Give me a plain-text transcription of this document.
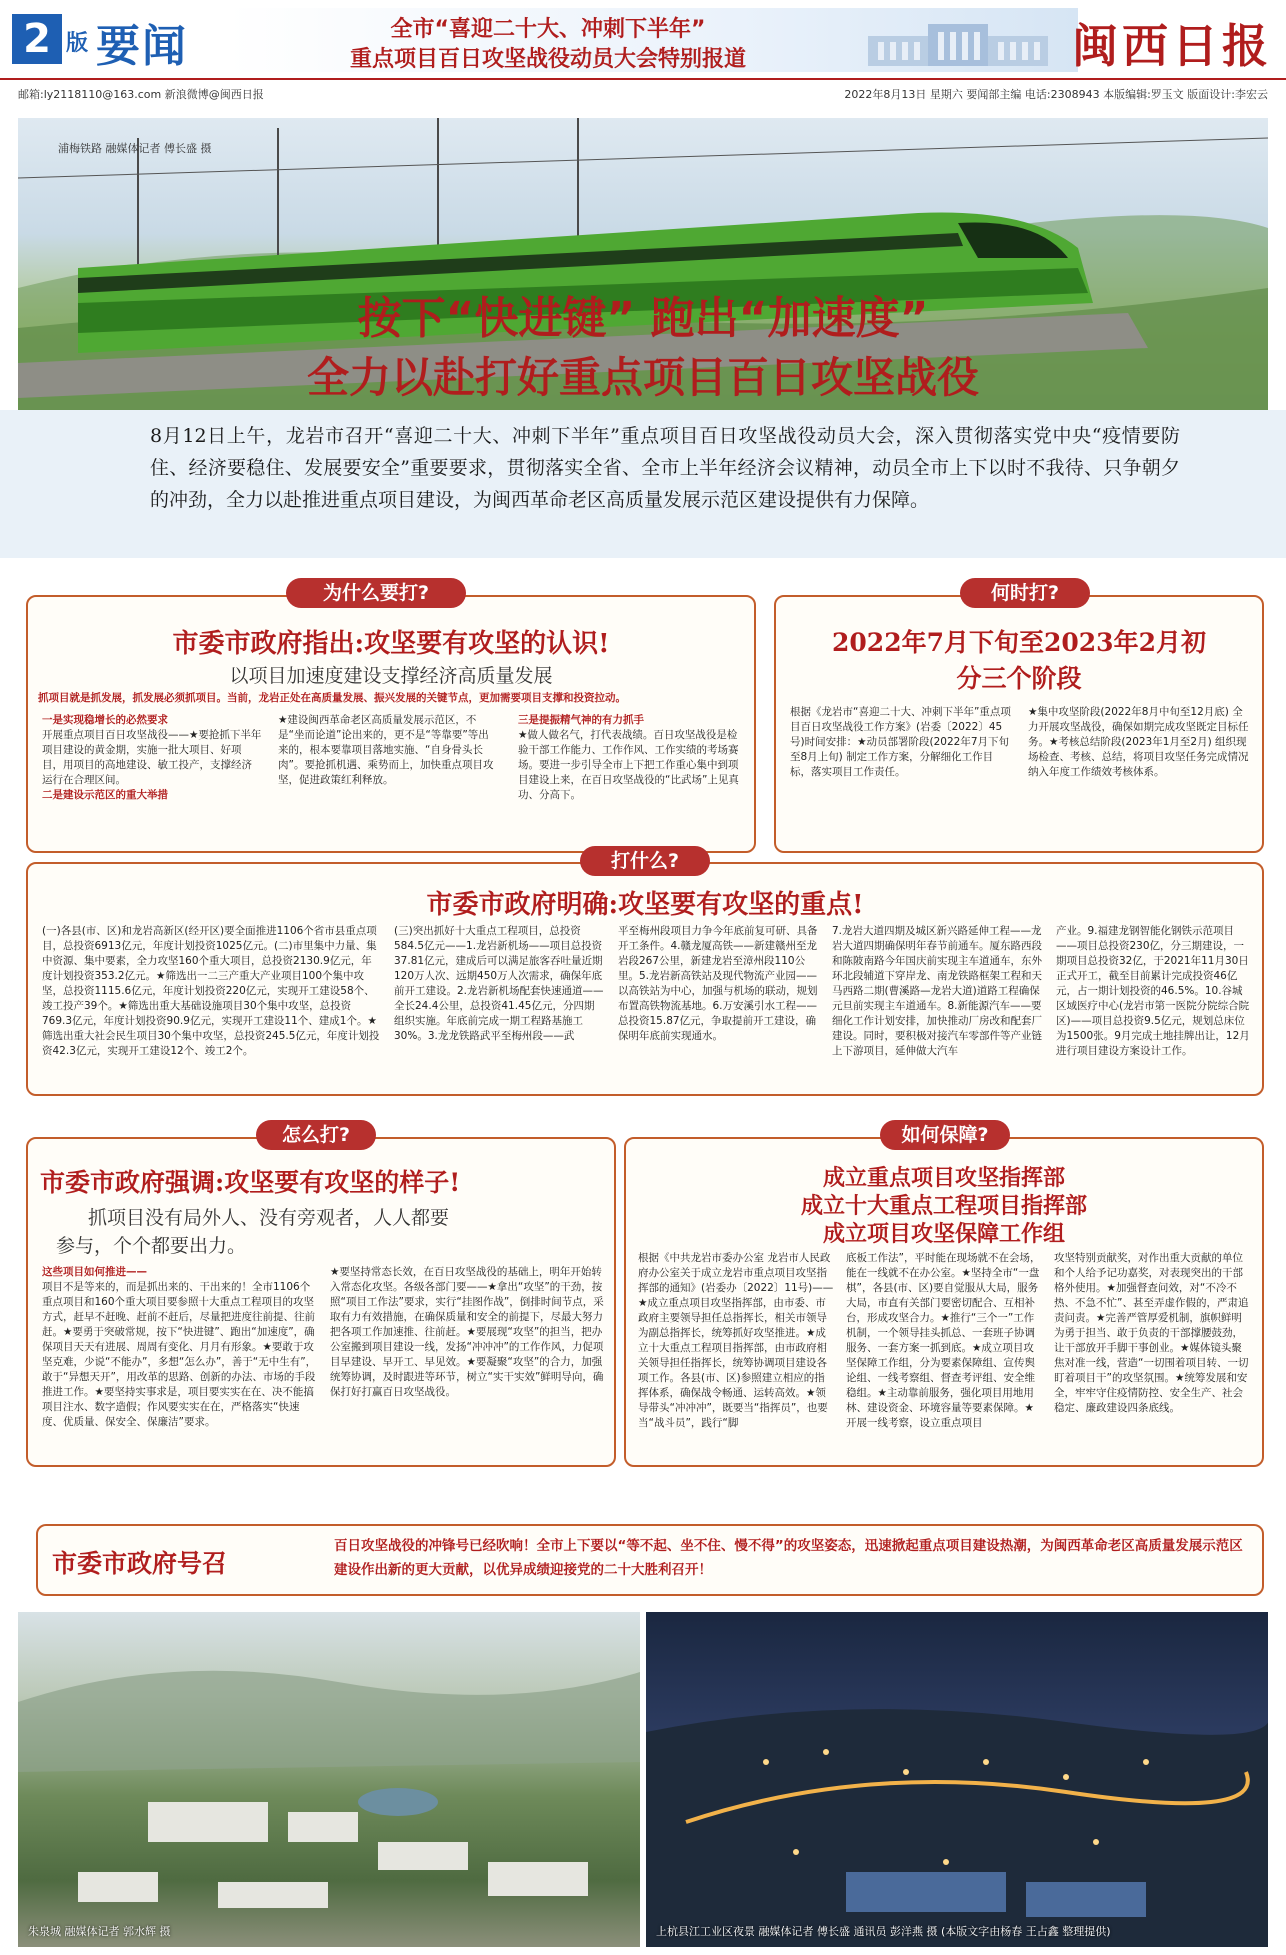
2 版 要闻	全市“喜迎二十大、冲刺下半年”
重点项目百日攻坚战役动员大会特别报道	闽西日报
邮箱:ly2118110@163.com 新浪微博@闽西日报	2022年8月13日 星期六 要闻部主编 电话:2308943 本版编辑:罗玉文 版面设计:李宏云
浦梅铁路 融媒体记者 傅长盛 摄
按下“快进键” 跑出“加速度”
全力以赴打好重点项目百日攻坚战役
8月12日上午，龙岩市召开“喜迎二十大、冲刺下半年”重点项目百日攻坚战役动员大会，深入贯彻落实党中央“疫情要防住、经济要稳住、发展要安全”重要要求，贯彻落实全省、全市上半年经济会议精神，动员全市上下以时不我待、只争朝夕的冲劲，全力以赴推进重点项目建设，为闽西革命老区高质量发展示范区建设提供有力保障。
市委市政府指出:攻坚要有攻坚的认识!
以项目加速度建设支撑经济高质量发展
抓项目就是抓发展，抓发展必须抓项目。当前，龙岩正处在高质量发展、振兴发展的关键节点，更加需要项目支撑和投资拉动。
一是实现稳增长的必然要求
开展重点项目百日攻坚战役——★要抢抓下半年项目建设的黄金期，实施一批大项目、好项目，用项目的高地建设、敏工投产，支撑经济运行在合理区间。
二是建设示范区的重大举措
★建设闽西革命老区高质量发展示范区，不是“坐而论道”论出来的，更不是“等靠要”等出来的，根本要靠项目落地实施、“自身骨头长肉”。要抢抓机遇、乘势而上，加快重点项目攻坚，促进政策红利释放。
三是提振精气神的有力抓手
★做人做名气，打代表战绩。百日攻坚战役是检验干部工作能力、工作作风、工作实绩的考场赛场。要进一步引导全市上下把工作重心集中到项目建设上来，在百日攻坚战役的“比武场”上见真功、分高下。
为什么要打?
2022年7月下旬至2023年2月初
分三个阶段
根据《龙岩市“喜迎二十大、冲刺下半年”重点项目百日攻坚战役工作方案》(岩委〔2022〕45号)时间安排：★动员部署阶段(2022年7月下旬至8月上旬) 制定工作方案，分解细化工作目标，落实项目工作责任。
★集中攻坚阶段(2022年8月中旬至12月底) 全力开展攻坚战役，确保如期完成攻坚既定目标任务。★考核总结阶段(2023年1月至2月) 组织现场检查、考核、总结，将项目攻坚任务完成情况纳入年度工作绩效考核体系。
何时打?
市委市政府明确:攻坚要有攻坚的重点!
(一)各县(市、区)和龙岩高新区(经开区)要全面推进1106个省市县重点项目，总投资6913亿元，年度计划投资1025亿元。(二)市里集中力量、集中资源、集中要素，全力攻坚160个重大项目，总投资2130.9亿元，年度计划投资353.2亿元。★筛选出一二三产重大产业项目100个集中攻坚，总投资1115.6亿元，年度计划投资220亿元，实现开工建设58个、竣工投产39个。★筛选出重大基础设施项目30个集中攻坚，总投资769.3亿元，年度计划投资90.9亿元，实现开工建设11个、建成1个。★筛选出重大社会民生项目30个集中攻坚，总投资245.5亿元，年度计划投资42.3亿元，实现开工建设12个、竣工2个。
(三)突出抓好十大重点工程项目，总投资584.5亿元——1.龙岩新机场——项目总投资37.81亿元，建成后可以满足旅客吞吐量近期120万人次、远期450万人次需求，确保年底前开工建设。2.龙岩新机场配套快速通道——全长24.4公里，总投资41.45亿元，分四期组织实施。年底前完成一期工程路基施工30%。3.龙龙铁路武平至梅州段——武
平至梅州段项目力争今年底前复可研、具备开工条件。4.赣龙厦高铁——新建赣州至龙岩段267公里，新建龙岩至漳州段110公里。5.龙岩新高铁站及现代物流产业园——以高铁站为中心，加强与机场的联动，规划布置高铁物流基地。6.万安溪引水工程——总投资15.87亿元，争取提前开工建设，确保明年底前实现通水。
7.龙岩大道四期及城区新兴路延伸工程——龙岩大道四期确保明年春节前通车。厦东路西段和陈陂南路今年国庆前实现主车道通车，东外环北段辅道下穿岸龙、南龙铁路框架工程和天马西路二期(曹溪路—龙岩大道)道路工程确保元旦前实现主车道通车。8.新能源汽车——要细化工作计划安排，加快推动厂房改和配套厂建设。同时，要积极对接汽车零部件等产业链上下游项目，延伸做大汽车
产业。9.福建龙钢智能化钢铁示范项目——项目总投资230亿，分三期建设，一期项目总投资32亿，于2021年11月30日正式开工，截至目前累计完成投资46亿元，占一期计划投资的46.5%。10.谷城区域医疗中心(龙岩市第一医院分院综合院区)——项目总投资9.5亿元，规划总床位为1500张。9月完成土地挂牌出让，12月进行项目建设方案设计工作。
打什么?
市委市政府强调:攻坚要有攻坚的样子!
抓项目没有局外人、没有旁观者，人人都要
参与，个个都要出力。
这些项目如何推进——
项目不是等来的，而是抓出来的、干出来的！全市1106个重点项目和160个重大项目要参照十大重点工程项目的攻坚方式，赶早不赶晚、赶前不赶后，尽量把进度往前提、往前赶。★要勇于突破常规，按下“快进键”、跑出“加速度”，确保项目天天有进展、周周有变化、月月有形象。★要敢于攻坚克难，少说“不能办”，多想“怎么办”，善于“无中生有”，敢于“异想天开”，用改革的思路、创新的办法、市场的手段推进工作。★要坚持实事求是，项目要实实在在、决不能搞项目注水、数字造假；作风要实实在在，严格落实“快速度、优质量、保安全、保廉洁”要求。
★要坚持常态长效，在百日攻坚战役的基础上，明年开始转入常态化攻坚。各级各部门要——★拿出“攻坚”的干劲，按照“项目工作法”要求，实行“挂图作战”，倒排时间节点，采取有力有效措施，在确保质量和安全的前提下，尽最大努力把各项工作加速推、往前赶。★要展现“攻坚”的担当，把办公室搬到项目建设一线，发扬“冲冲冲”的工作作风，力促项目早建设、早开工、早见效。★要凝聚“攻坚”的合力，加强统筹协调，及时跟进等环节，树立“实干实效”鲜明导向，确保打好打赢百日攻坚战役。
怎么打?
成立重点项目攻坚指挥部
成立十大重点工程项目指挥部
成立项目攻坚保障工作组
根据《中共龙岩市委办公室 龙岩市人民政府办公室关于成立龙岩市重点项目攻坚指挥部的通知》(岩委办〔2022〕11号)——★成立重点项目攻坚指挥部，由市委、市政府主要领导担任总指挥长，相关市领导为副总指挥长，统筹抓好攻坚推进。★成立十大重点工程项目指挥部，由市政府相关领导担任指挥长，统筹协调项目建设各项工作。各县(市、区)参照建立相应的指挥体系，确保战令畅通、运转高效。★领导带头“冲冲冲”，既要当“指挥员”，也要当“战斗员”，践行“脚
底板工作法”，平时能在现场就不在会场，能在一线就不在办公室。★坚持全市“一盘棋”，各县(市、区)要自觉服从大局，服务大局，市直有关部门要密切配合、互相补台，形成攻坚合力。★推行“三个一”工作机制，一个领导挂头抓总、一套班子协调服务、一套方案一抓到底。★成立项目攻坚保障工作组，分为要素保障组、宣传舆论组、一线考察组、督查考评组、安全维稳组。★主动靠前服务，强化项目用地用林、建设资金、环境容量等要素保障。★开展一线考察，设立重点项目
攻坚特别贡献奖，对作出重大贡献的单位和个人给予记功嘉奖，对表现突出的干部格外使用。★加强督查问效，对“不冷不热、不急不忙”、甚至弄虚作假的，严肃追责问责。★完善严管厚爱机制，旗帜鲜明为勇于担当、敢于负责的干部撑腰鼓劲，让干部放开手脚干事创业。★媒体镜头聚焦对准一线，营造“一切围着项目转、一切盯着项目干”的攻坚氛围。★统筹发展和安全，牢牢守住疫情防控、安全生产、社会稳定、廉政建设四条底线。
如何保障?
市委市政府号召
百日攻坚战役的冲锋号已经吹响！全市上下要以“等不起、坐不住、慢不得”的攻坚姿态，迅速掀起重点项目建设热潮，为闽西革命老区高质量发展示范区建设作出新的更大贡献，以优异成绩迎接党的二十大胜利召开！
朱泉城 融媒体记者 郭水辉 摄	上杭县江工业区夜景 融媒体记者 傅长盛 通讯员 彭洋燕 摄 (本版文字由杨春 王占鑫 整理提供)
